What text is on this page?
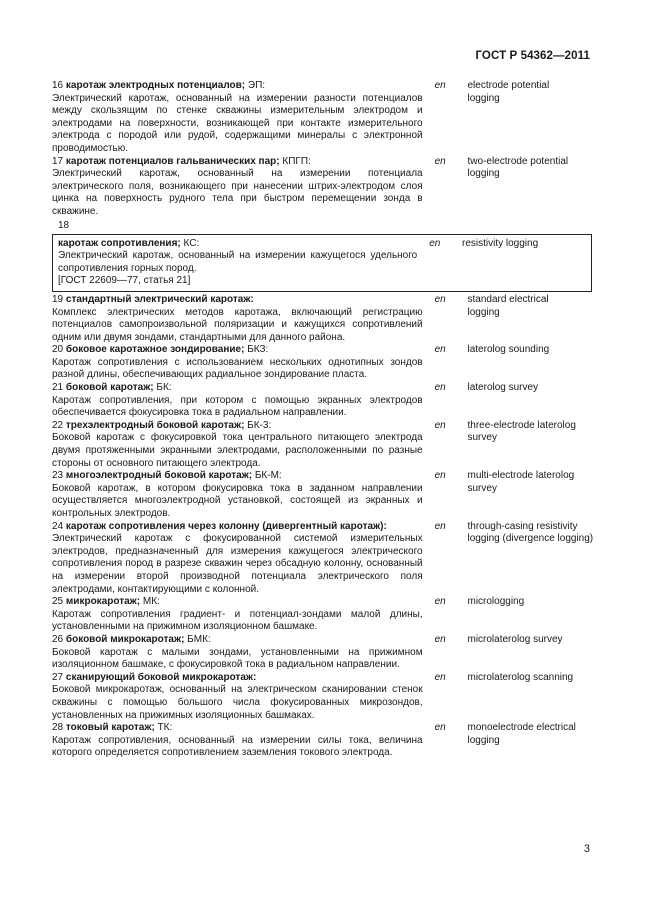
ГОСТ Р 54362—2011
16 каротаж электродных потенциалов; ЭП:
Электрический каротаж, основанный на измерении разности потенциалов между скользящим по стенке скважины измерительным электродом и электродами на поверхности, возникающей при контакте измерительного электрода с породой или рудой, содержащими минералы с электронной проводимостью.
en	electrode potential
logging
17 каротаж потенциалов гальванических пар; КПГП:
Электрический каротаж, основанный на измерении потенциала электрического поля, возникающего при нанесении штрих-электродом слоя цинка на поверхность рудного тела при быстром перемещении зонда в скважине.
en	two-electrode potential
logging
18
каротаж сопротивления; КС:
Электрический каротаж, основанный на измерении кажущегося удельного сопротивления горных пород.
[ГОСТ 22609—77, статья 21]
en	resistivity logging
19 стандартный электрический каротаж:
Комплекс электрических методов каротажа, включающий регистрацию потенциалов самопроизвольной поляризации и кажущихся сопротивлений одним или двумя зондами, стандартными для данного района.
en	standard electrical
logging
20 боковое каротажное зондирование; БКЗ:
Каротаж сопротивления с использованием нескольких однотипных зондов разной длины, обеспечивающих радиальное зондирование пласта.
en	laterolog sounding
21 боковой каротаж; БК:
Каротаж сопротивления, при котором с помощью экранных электродов обеспечивается фокусировка тока в радиальном направлении.
en	laterolog survey
22 трехэлектродный боковой каротаж; БК-3:
Боковой каротаж с фокусировкой тока центрального питающего электрода двумя протяженными экранными электродами, расположенными по разные стороны от основного питающего электрода.
en	three-electrode laterolog
survey
23 многоэлектродный боковой каротаж; БК-М:
Боковой каротаж, в котором фокусировка тока в заданном направлении осуществляется многоэлектродной установкой, состоящей из экранных и контрольных электродов.
en	multi-electrode laterolog
survey
24 каротаж сопротивления через колонну (дивергентный каротаж):
Электрический каротаж с фокусированной системой измерительных электродов, предназначенный для измерения кажущегося электрического сопротивления пород в разрезе скважин через обсадную колонну, основанный на измерении второй производной потенциала электрического поля электродами, контактирующими с колонной.
en	through-casing resistivity
logging (divergence logging)
25 микрокаротаж; МК:
Каротаж сопротивления градиент- и потенциал-зондами малой длины, установленными на прижимном изоляционном башмаке.
en	micrologging
26 боковой микрокаротаж; БМК:
Боковой каротаж с малыми зондами, установленными на прижимном изоляционном башмаке, с фокусировкой тока в радиальном направлении.
en	microlaterolog survey
27 сканирующий боковой микрокаротаж:
Боковой микрокаротаж, основанный на электрическом сканировании стенок скважины с помощью большого числа фокусированных микрозондов, установленных на прижимных изоляционных башмаках.
en	microlaterolog scanning
28 токовый каротаж; ТК:
Каротаж сопротивления, основанный на измерении силы тока, величина которого определяется сопротивлением заземления токового электрода.
en	monoelectrode electrical
logging
3
